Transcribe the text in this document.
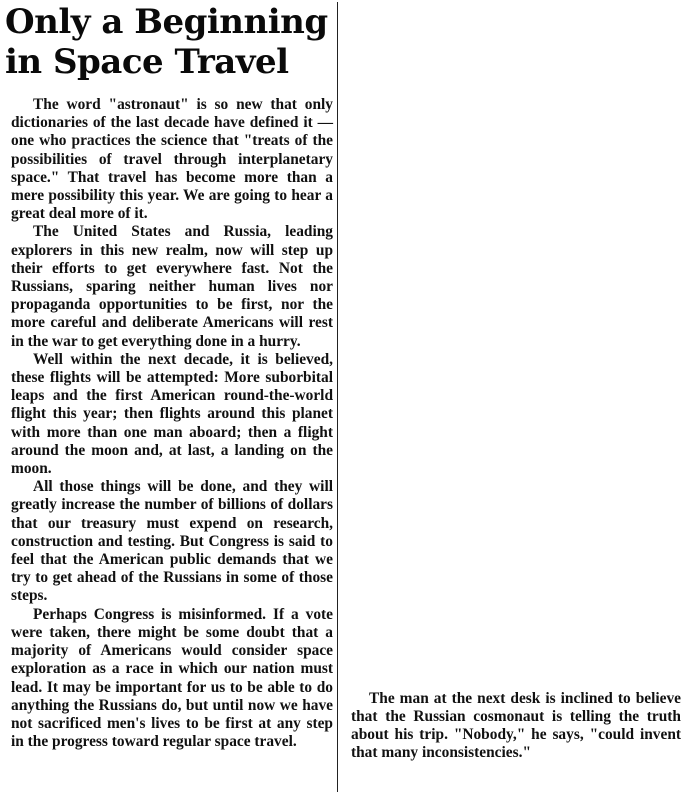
Only a Beginning
in Space Travel

The word "astronaut" is so new that only dictionaries of the last decade have defined it —one who practices the science that "treats of the possibilities of travel through interplanetary space." That travel has become more than a mere possibility this year. We are going to hear a great deal more of it.

The United States and Russia, leading explorers in this new realm, now will step up their efforts to get everywhere fast. Not the Russians, sparing neither human lives nor propaganda opportunities to be first, nor the more careful and deliberate Americans will rest in the war to get everything done in a hurry.

Well within the next decade, it is believed, these flights will be attempted: More suborbital leaps and the first American round-the-world flight this year; then flights around this planet with more than one man aboard; then a flight around the moon and, at last, a landing on the moon.

All those things will be done, and they will greatly increase the number of billions of dollars that our treasury must expend on research, construction and testing. But Congress is said to feel that the American public demands that we try to get ahead of the Russians in some of those steps.

Perhaps Congress is misinformed. If a vote were taken, there might be some doubt that a majority of Americans would consider space exploration as a race in which our nation must lead. It may be important for us to be able to do anything the Russians do, but until now we have not sacrificed men's lives to be first at any step in the progress toward regular space travel.

The man at the next desk is inclined to believe that the Russian cosmonaut is telling the truth about his trip. "Nobody," he says, "could invent that many inconsistencies."
